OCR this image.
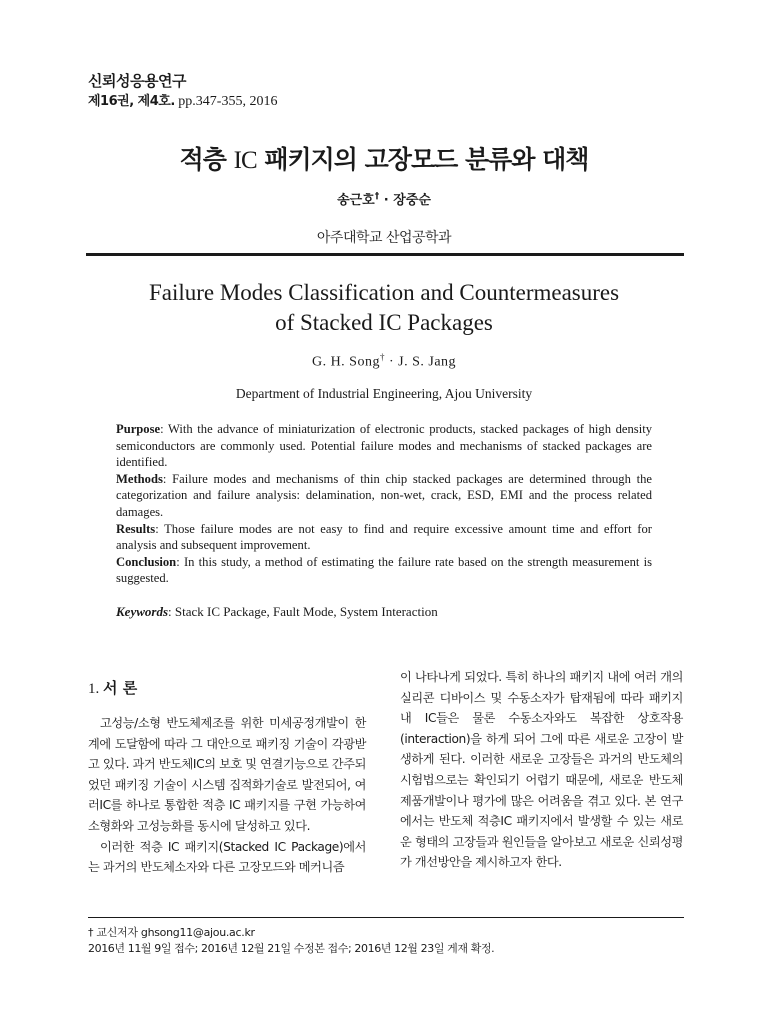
신뢰성응용연구
제16권, 제4호. pp.347-355, 2016
적층 IC 패키지의 고장모드 분류와 대책
송근호† · 장중순
아주대학교 산업공학과
Failure Modes Classification and Countermeasures
of Stacked IC Packages
G. H. Song† · J. S. Jang
Department of Industrial Engineering, Ajou University

Purpose: With the advance of miniaturization of electronic products, stacked packages of high density semiconductors are commonly used. Potential failure modes and mechanisms of stacked packages are identified.

Methods: Failure modes and mechanisms of thin chip stacked packages are determined through the categorization and failure analysis: delamination, non-wet, crack, ESD, EMI and the process related damages.

Results: Those failure modes are not easy to find and require excessive amount time and effort for analysis and subsequent improvement.

Conclusion: In this study, a method of estimating the failure rate based on the strength measurement is suggested.

Keywords: Stack IC Package, Fault Mode, System Interaction
1. 서 론

고성능/소형 반도체제조를 위한 미세공정개발이 한계에 도달함에 따라 그 대안으로 패키징 기술이 각광받고 있다. 과거 반도체IC의 보호 및 연결기능으로 간주되었던 패키징 기술이 시스템 집적화기술로 발전되어, 여러IC를 하나로 통합한 적층 IC 패키지를 구현 가능하여 소형화와 고성능화를 동시에 달성하고 있다.

이러한 적층 IC 패키지(Stacked IC Package)에서는 과거의 반도체소자와 다른 고장모드와 메커니즘

이 나타나게 되었다. 특히 하나의 패키지 내에 여러 개의 실리콘 디바이스 및 수동소자가 탑재됨에 따라 패키지 내 IC들은 물론 수동소자와도 복잡한 상호작용(interaction)을 하게 되어 그에 따른 새로운 고장이 발생하게 된다. 이러한 새로운 고장들은 과거의 반도체의 시험법으로는 확인되기 어렵기 때문에, 새로운 반도체 제품개발이나 평가에 많은 어려움을 겪고 있다. 본 연구에서는 반도체 적층IC 패키지에서 발생할 수 있는 새로운 형태의 고장들과 원인들을 알아보고 새로운 신뢰성평가 개선방안을 제시하고자 한다.

† 교신저자 ghsong11@ajou.ac.kr
2016년 11월 9일 접수; 2016년 12월 21일 수정본 접수; 2016년 12월 23일 게재 확정.
